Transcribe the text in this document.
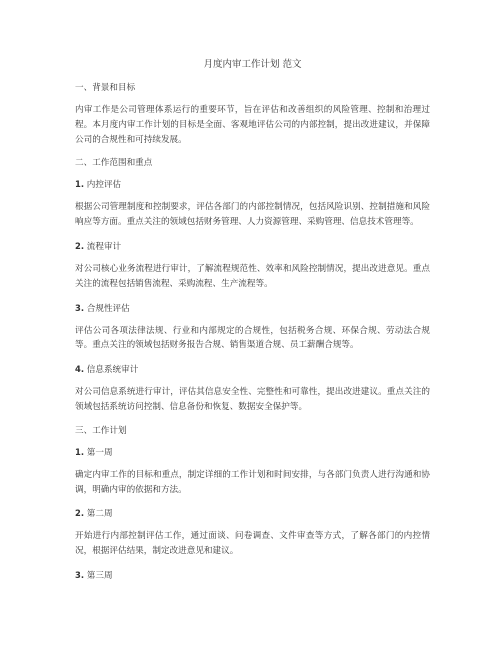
月度内审工作计划 范文
一、背景和目标
内审工作是公司管理体系运行的重要环节，旨在评估和改善组织的风险管理、控制和治理过程。本月度内审工作计划的目标是全面、客观地评估公司的内部控制，提出改进建议，并保障公司的合规性和可持续发展。
二、工作范围和重点
1. 内控评估
根据公司管理制度和控制要求，评估各部门的内部控制情况，包括风险识别、控制措施和风险响应等方面。重点关注的领域包括财务管理、人力资源管理、采购管理、信息技术管理等。
2. 流程审计
对公司核心业务流程进行审计，了解流程规范性、效率和风险控制情况，提出改进意见。重点关注的流程包括销售流程、采购流程、生产流程等。
3. 合规性评估
评估公司各项法律法规、行业和内部规定的合规性，包括税务合规、环保合规、劳动法合规等。重点关注的领域包括财务报告合规、销售渠道合规、员工薪酬合规等。
4. 信息系统审计
对公司信息系统进行审计，评估其信息安全性、完整性和可靠性，提出改进建议。重点关注的领域包括系统访问控制、信息备份和恢复、数据安全保护等。
三、工作计划
1. 第一周
确定内审工作的目标和重点，制定详细的工作计划和时间安排，与各部门负责人进行沟通和协调，明确内审的依据和方法。
2. 第二周
开始进行内部控制评估工作，通过面谈、问卷调查、文件审查等方式，了解各部门的内控情况，根据评估结果，制定改进意见和建议。
3. 第三周
